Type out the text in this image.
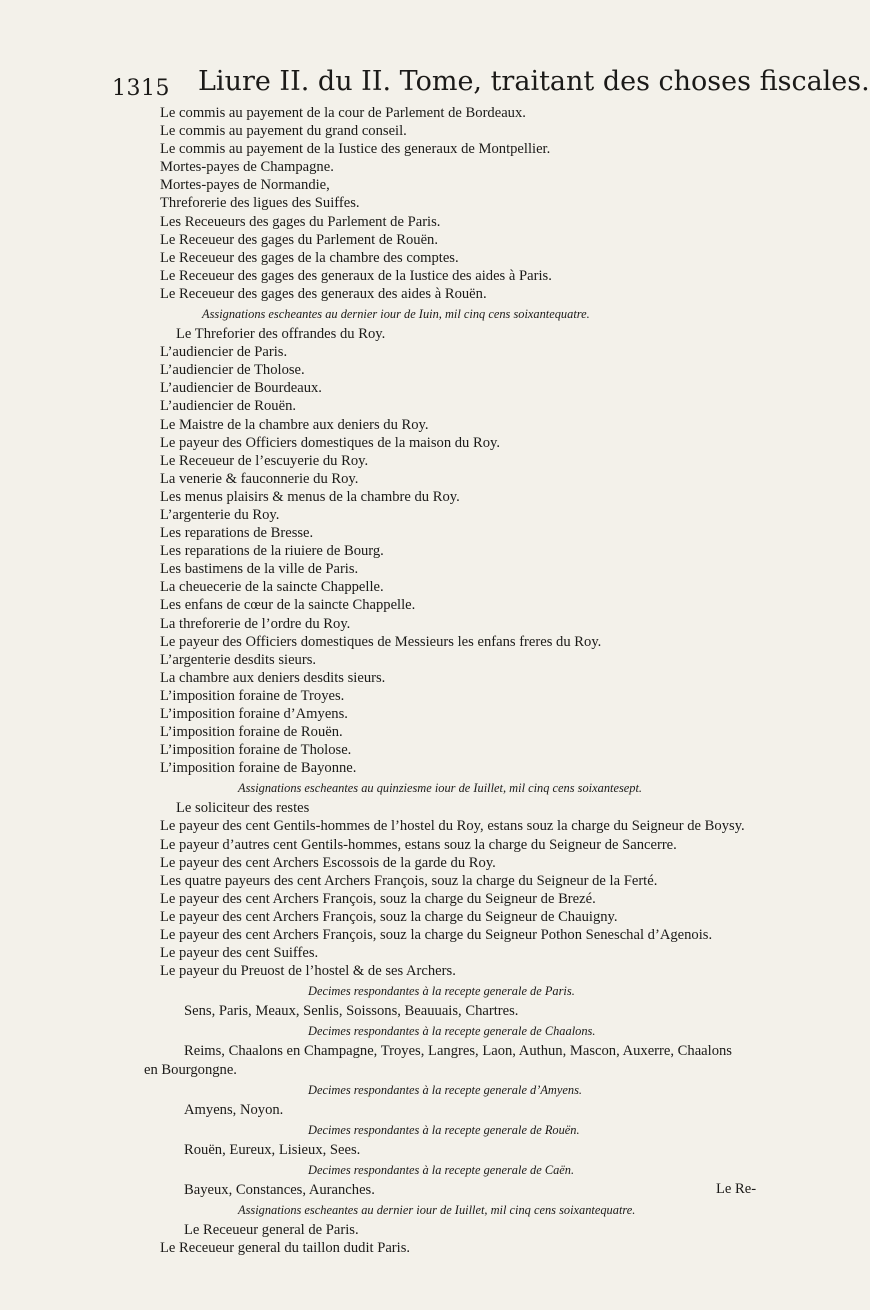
1315 Liure II. du II. Tome, traitant des choses fiscales.

Le commis au payement de la cour de Parlement de Bordeaux.

Le commis au payement du grand conseil.

Le commis au payement de la Iustice des generaux de Montpellier.

Mortes-payes de Champagne.

Mortes-payes de Normandie,

Threforerie des ligues des Suiffes.

Les Receueurs des gages du Parlement de Paris.

Le Receueur des gages du Parlement de Rouën.

Le Receueur des gages de la chambre des comptes.

Le Receueur des gages des generaux de la Iustice des aides à Paris.

Le Receueur des gages des generaux des aides à Rouën.

Assignations escheantes au dernier iour de Iuin, mil cinq cens soixantequatre.

Le Threforier des offrandes du Roy.

L’audiencier de Paris.

L’audiencier de Tholose.

L’audiencier de Bourdeaux.

L’audiencier de Rouën.

Le Maistre de la chambre aux deniers du Roy.

Le payeur des Officiers domestiques de la maison du Roy.

Le Receueur de l’escuyerie du Roy.

La venerie & fauconnerie du Roy.

Les menus plaisirs & menus de la chambre du Roy.

L’argenterie du Roy.

Les reparations de Bresse.

Les reparations de la riuiere de Bourg.

Les bastimens de la ville de Paris.

La cheuecerie de la saincte Chappelle.

Les enfans de cœur de la saincte Chappelle.

La threforerie de l’ordre du Roy.

Le payeur des Officiers domestiques de Messieurs les enfans freres du Roy.

L’argenterie desdits sieurs.

La chambre aux deniers desdits sieurs.

L’imposition foraine de Troyes.

L’imposition foraine d’Amyens.

L’imposition foraine de Rouën.

L’imposition foraine de Tholose.

L’imposition foraine de Bayonne.

Assignations escheantes au quinziesme iour de Iuillet, mil cinq cens soixantesept.

Le soliciteur des restes

Le payeur des cent Gentils-hommes de l’hostel du Roy, estans souz la charge du Seigneur de Boysy.

Le payeur d’autres cent Gentils-hommes, estans souz la charge du Seigneur de Sancerre.

Le payeur des cent Archers Escossois de la garde du Roy.

Les quatre payeurs des cent Archers François, souz la charge du Seigneur de la Ferté.

Le payeur des cent Archers François, souz la charge du Seigneur de Brezé.

Le payeur des cent Archers François, souz la charge du Seigneur de Chauigny.

Le payeur des cent Archers François, souz la charge du Seigneur Pothon Seneschal d’Agenois.

Le payeur des cent Suiffes.

Le payeur du Preuost de l’hostel & de ses Archers.

Decimes respondantes à la recepte generale de Paris.

Sens, Paris, Meaux, Senlis, Soissons, Beauuais, Chartres.

Decimes respondantes à la recepte generale de Chaalons.

Reims, Chaalons en Champagne, Troyes, Langres, Laon, Authun, Mascon, Auxerre, Chaalons

en Bourgongne.

Decimes respondantes à la recepte generale d’Amyens.

Amyens, Noyon.

Decimes respondantes à la recepte generale de Rouën.

Rouën, Eureux, Lisieux, Sees.

Decimes respondantes à la recepte generale de Caën.

Bayeux, Constances, Auranches.

Assignations escheantes au dernier iour de Iuillet, mil cinq cens soixantequatre.

Le Receueur general de Paris.

Le Receueur general du taillon dudit Paris.

Le Re-
